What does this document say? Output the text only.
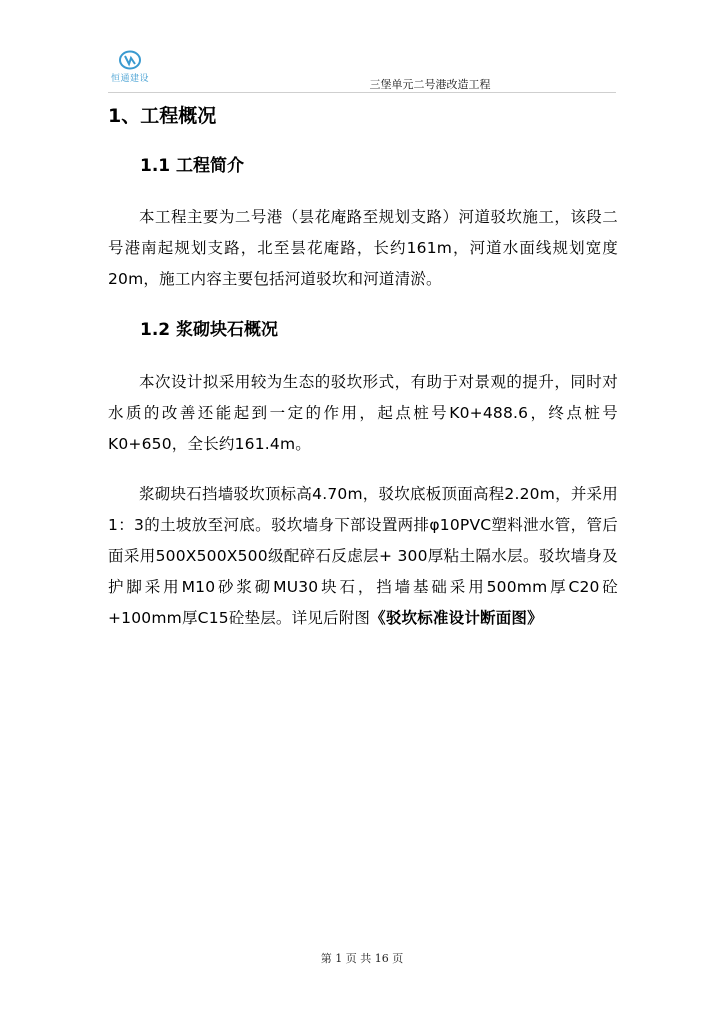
恒通建设	三堡单元二号港改造工程
1、工程概况
1.1 工程简介

本工程主要为二号港（昙花庵路至规划支路）河道驳坎施工，该段二号港南起规划支路，北至昙花庵路，长约161m，河道水面线规划宽度20m，施工内容主要包括河道驳坎和河道清淤。

1.2 浆砌块石概况

本次设计拟采用较为生态的驳坎形式，有助于对景观的提升，同时对水质的改善还能起到一定的作用，起点桩号K0+488.6，终点桩号K0+650，全长约161.4m。

浆砌块石挡墙驳坎顶标高4.70m，驳坎底板顶面高程2.20m，并采用1：3的土坡放至河底。驳坎墙身下部设置两排φ10PVC塑料泄水管，管后面采用500X500X500级配碎石反虑层+ 300厚粘土隔水层。驳坎墙身及护脚采用M10砂浆砌MU30块石，挡墙基础采用500mm厚C20砼+100mm厚C15砼垫层。详见后附图《驳坎标准设计断面图》

第 1 页 共 16 页
